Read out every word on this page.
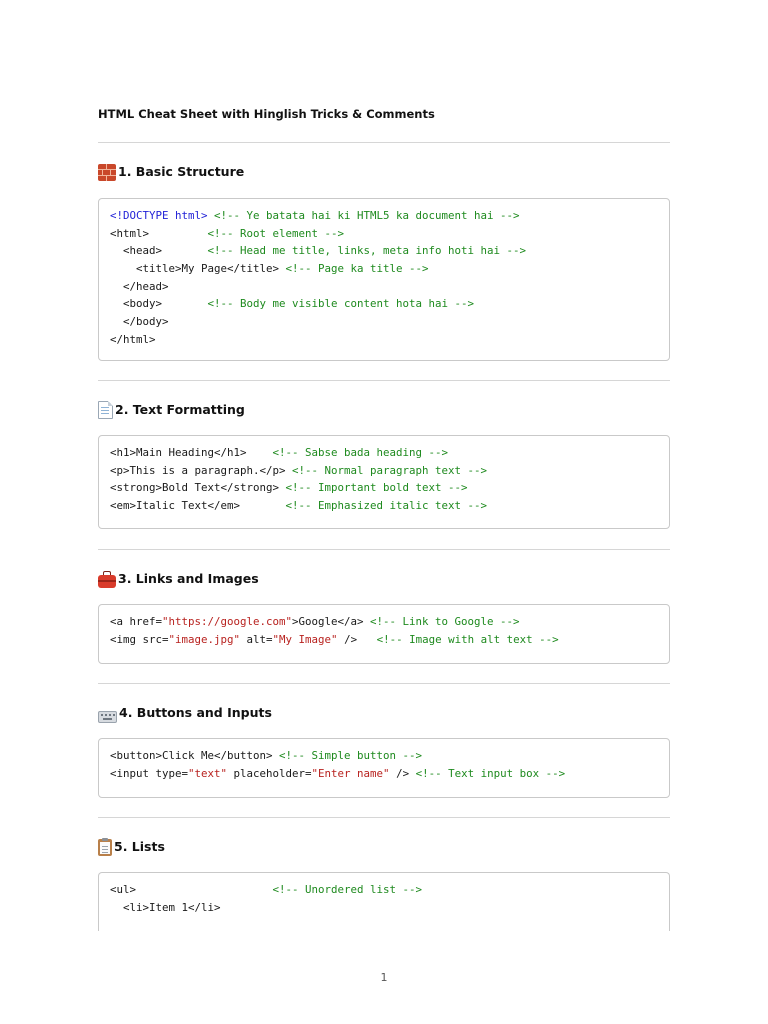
HTML Cheat Sheet with Hinglish Tricks & Comments
1. Basic Structure
<!DOCTYPE html> <!-- Ye batata hai ki HTML5 ka document hai -->
<html>         <!-- Root element -->
<head>       <!-- Head me title, links, meta info hoti hai -->
<title>My Page</title> <!-- Page ka title -->
</head>
<body>       <!-- Body me visible content hota hai -->
</body>
</html>
2. Text Formatting
<h1>Main Heading</h1>    <!-- Sabse bada heading -->
<p>This is a paragraph.</p> <!-- Normal paragraph text -->
<strong>Bold Text</strong> <!-- Important bold text -->
<em>Italic Text</em>       <!-- Emphasized italic text -->
3. Links and Images
<a href="https://google.com">Google</a> <!-- Link to Google -->
<img src="image.jpg" alt="My Image" />   <!-- Image with alt text -->
4. Buttons and Inputs
<button>Click Me</button> <!-- Simple button -->
<input type="text" placeholder="Enter name" /> <!-- Text input box -->
5. Lists
<ul>                     <!-- Unordered list -->
<li>Item 1</li>
1
